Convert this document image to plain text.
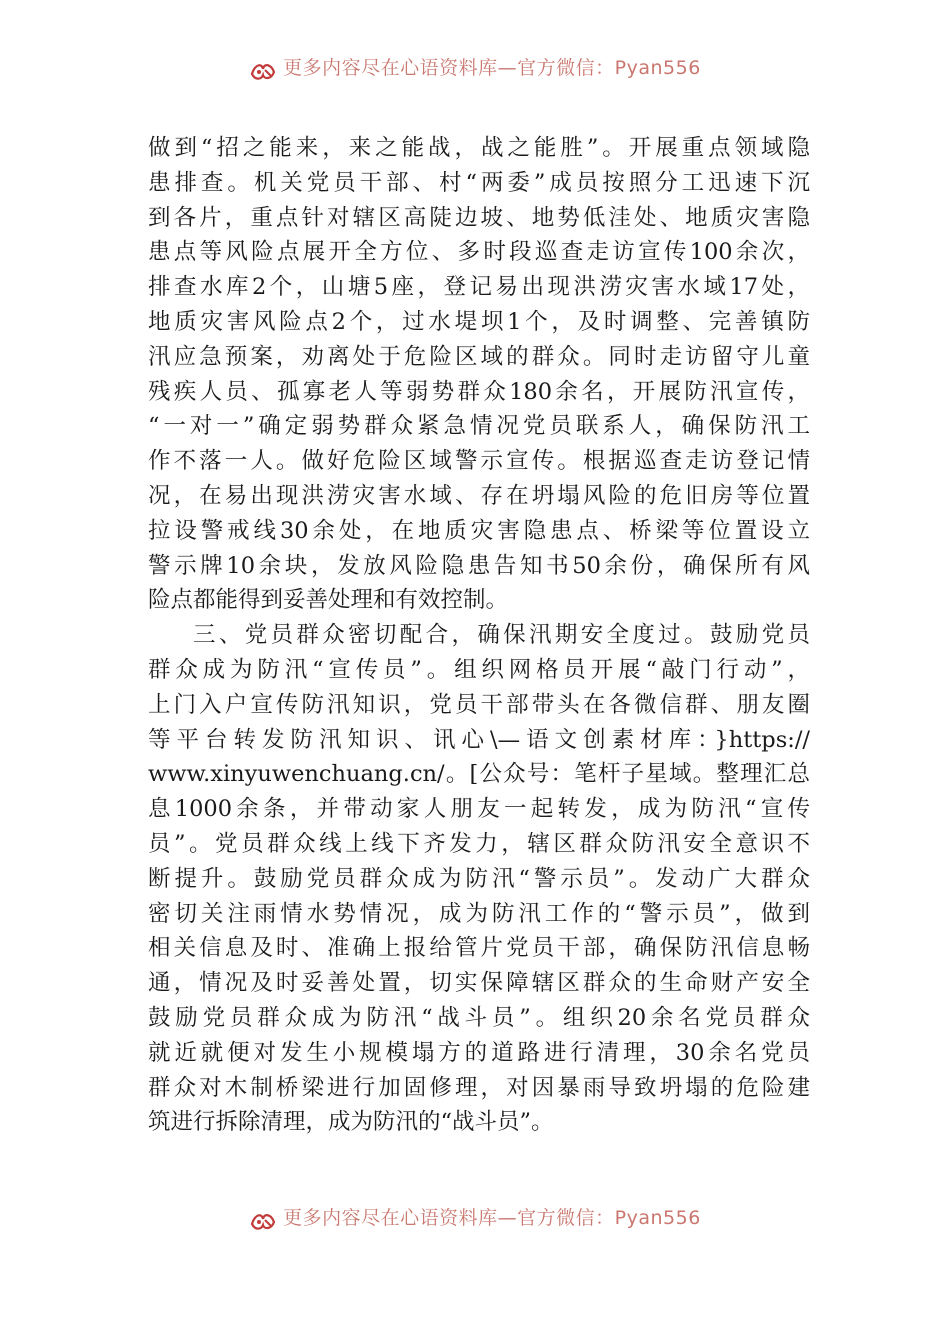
更多内容尽在心语资料库—官方微信：Pyan556
做到“招之能来，来之能战，战之能胜”。开展重点领域隐
患排查。机关党员干部、村“两委”成员按照分工迅速下沉
到各片，重点针对辖区高陡边坡、地势低洼处、地质灾害隐
患点等风险点展开全方位、多时段巡查走访宣传100余次，
排查水库2个，山塘5座，登记易出现洪涝灾害水域17处，
地质灾害风险点2个，过水堤坝1个，及时调整、完善镇防
汛应急预案，劝离处于危险区域的群众。同时走访留守儿童
残疾人员、孤寡老人等弱势群众180余名，开展防汛宣传，
“一对一”确定弱势群众紧急情况党员联系人，确保防汛工
作不落一人。做好危险区域警示宣传。根据巡查走访登记情
况，在易出现洪涝灾害水域、存在坍塌风险的危旧房等位置
拉设警戒线30余处，在地质灾害隐患点、桥梁等位置设立
警示牌10余块，发放风险隐患告知书50余份，确保所有风
险点都能得到妥善处理和有效控制。
三、党员群众密切配合，确保汛期安全度过。鼓励党员
群众成为防汛“宣传员”。组织网格员开展“敲门行动”，
上门入户宣传防汛知识，党员干部带头在各微信群、朋友圈
等平台转发防汛知识、讯心\—语文创素材库：}https://
www.xinyuwenchuang.cn/。[公众号：笔杆子星域。整理汇总
息1000余条，并带动家人朋友一起转发，成为防汛“宣传
员”。党员群众线上线下齐发力，辖区群众防汛安全意识不
断提升。鼓励党员群众成为防汛“警示员”。发动广大群众
密切关注雨情水势情况，成为防汛工作的“警示员”，做到
相关信息及时、准确上报给管片党员干部，确保防汛信息畅
通，情况及时妥善处置，切实保障辖区群众的生命财产安全
鼓励党员群众成为防汛“战斗员”。组织20余名党员群众
就近就便对发生小规模塌方的道路进行清理，30余名党员
群众对木制桥梁进行加固修理，对因暴雨导致坍塌的危险建
筑进行拆除清理，成为防汛的“战斗员”。
更多内容尽在心语资料库—官方微信：Pyan556
